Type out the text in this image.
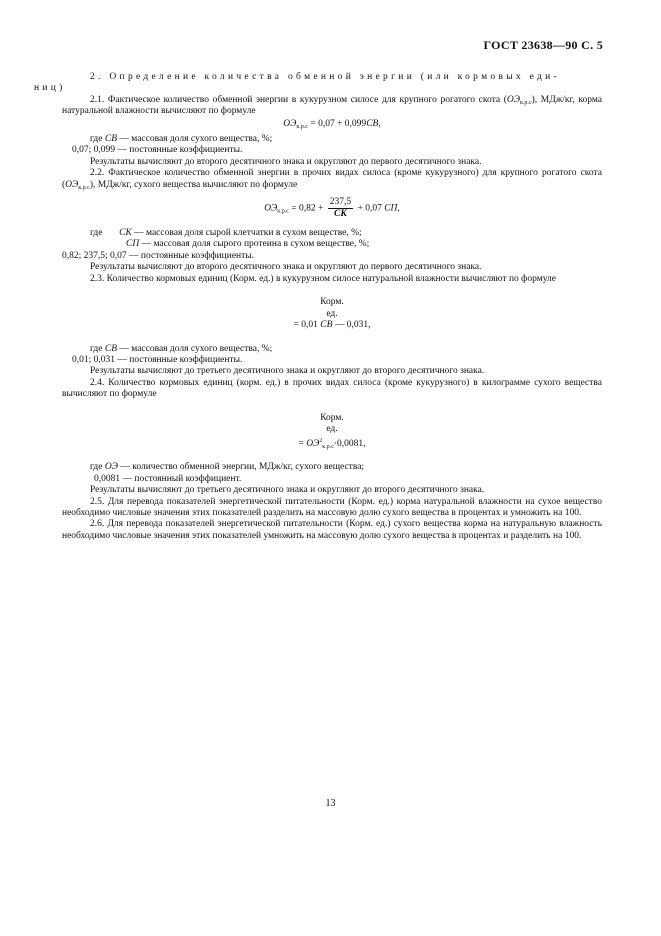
ГОСТ 23638—90 С. 5

2. Определение количества обменной энергии (или кормовых еди-
ниц)

2.1. Фактическое количество обменной энергии в кукурузном силосе для крупного рогатого скота $(ОЭ_{к.р.с})$, МДж/кг, корма натуральной влажности вычисляют по формуле

$ОЭ_{к.р.с} = 0,07 + 0,099СВ$,

где СВ — массовая доля сухого вещества, %;

0,07; 0,099 — постоянные коэффициенты.

Результаты вычисляют до второго десятичного знака и округляют до первого десятичного знака.

2.2. Фактическое количество обменной энергии в прочих видах силоса (кроме кукурузного) для крупного рогатого скота $(ОЭ_{к.р.с})$, МДж/кг, сухого вещества вычисляют по формуле

$ОЭ_{к.р.с} = 0,82 + \frac{237,5}{СК} + 0,07$ СП,

где СК — массовая доля сырой клетчатки в сухом веществе, %;

СП — массовая доля сырого протеина в сухом веществе, %;

0,82; 237,5; 0,07 — постоянные коэффициенты.

Результаты вычисляют до второго десятичного знака и округляют до первого десятичного знака.

2.3. Количество кормовых единиц (Корм. ед.) в кукурузном силосе натуральной влажности вычисляют по формуле

Корм.
ед.
= 0,01 СВ — 0,031,

где СВ — массовая доля сухого вещества, %;

0,01; 0,031 — постоянные коэффициенты.

Результаты вычисляют до третьего десятичного знака и округляют до второго десятичного знака.

2.4. Количество кормовых единиц (корм. ед.) в прочих видах силоса (кроме кукурузного) в килограмме сухого вещества вычисляют по формуле

Корм.
ед.
= $ОЭ^2_{к.р.с}\cdot 0,0081$,

где ОЭ — количество обменной энергии, МДж/кг, сухого вещества;

0,0081 — постоянный коэффициент.

Результаты вычисляют до третьего десятичного знака и округляют до второго десятичного знака.

2.5. Для перевода показателей энергетической питательности (Корм. ед.) корма натуральной влажности на сухое вещество необходимо числовые значения этих показателей разделить на массовую долю сухого вещества в процентах и умножить на 100.

2.6. Для перевода показателей энергетической питательности (Корм. ед.) сухого вещества корма на натуральную влажность необходимо числовые значения этих показателей умножить на массовую долю сухого вещества в процентах и разделить на 100.

13
